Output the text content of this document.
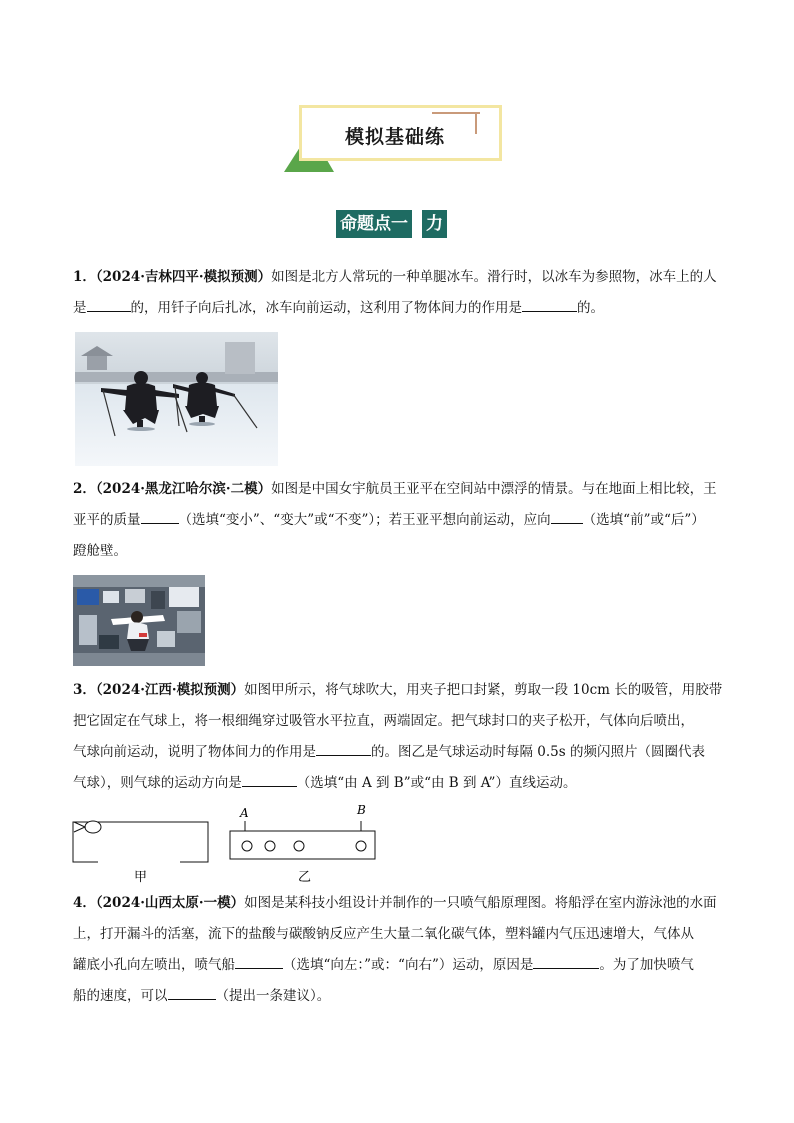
模拟基础练
命题点一 力
1．（2024·吉林四平·模拟预测）如图是北方人常玩的一种单腿冰车。滑行时，以冰车为参照物，冰车上的人
是	的，用钎子向后扎冰，冰车向前运动，这利用了物体间力的作用是	的。
2．（2024·黑龙江哈尔滨·二模）如图是中国女宇航员王亚平在空间站中漂浮的情景。与在地面上相比较，王
亚平的质量	（选填“变小”、“变大”或“不变”）；若王亚平想向前运动，应向 （选填“前”或“后”）
蹬舱壁。
3．（2024·江西·模拟预测）如图甲所示，将气球吹大，用夹子把口封紧，剪取一段 10cm 长的吸管，用胶带
把它固定在气球上，将一根细绳穿过吸管水平拉直，两端固定。把气球封口的夹子松开，气体向后喷出，
气球向前运动，说明了物体间力的作用是	的。图乙是气球运动时每隔 0.5s 的频闪照片（圆圈代表
气球），则气球的运动方向是	（选填“由 A 到 B”或“由 B 到 A”）直线运动。
甲
A	B
乙
4．（2024·山西太原·一模）如图是某科技小组设计并制作的一只喷气船原理图。将船浮在室内游泳池的水面
上，打开漏斗的活塞，流下的盐酸与碳酸钠反应产生大量二氧化碳气体，塑料罐内气压迅速增大，气体从
罐底小孔向左喷出，喷气船	（选填“向左：”或：“向右”）运动，原因是	。为了加快喷气
船的速度，可以	（提出一条建议）。
